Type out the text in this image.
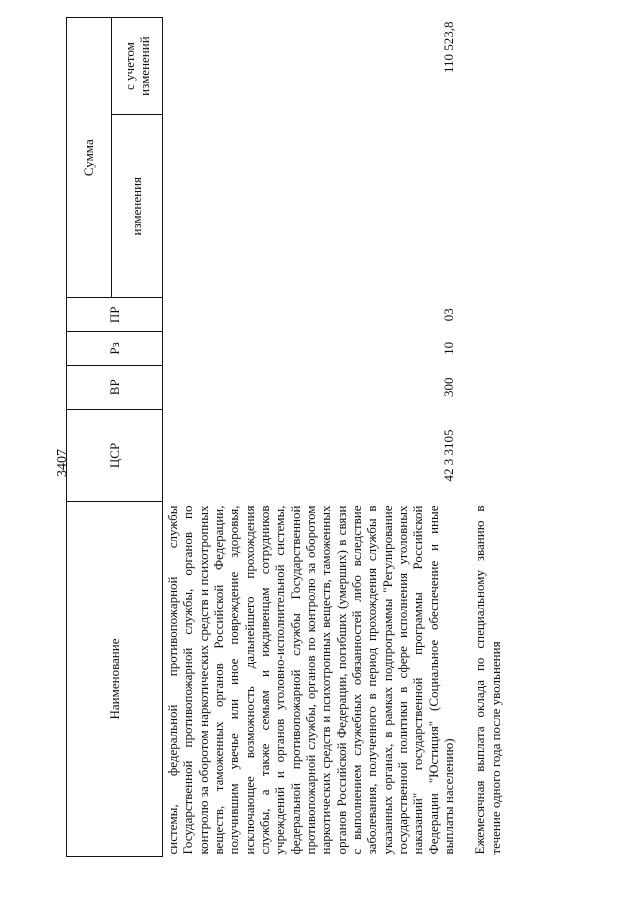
3407
Наименование	ЦСР	ВР	Рз	ПР	Сумма	
					изменения	с учетом изменений
системы, федеральной противопожарной службы Государственной противопожарной службы, органов по контролю за оборотом наркотических средств и психотропных веществ, таможенных органов Российской Федерации, получившим увечье или иное повреждение здоровья, исключающее возможность дальнейшего прохождения службы, а также семьям и иждивенцам сотрудников учреждений и органов уголовно-исполнительной системы, федеральной противопожарной службы Государственной противопожарной службы, органов по контролю за оборотом наркотических средств и психотропных веществ, таможенных органов Российской Федерации, погибших (умерших) в связи с выполнением служебных обязанностей либо вследствие заболевания, полученного в период прохождения службы в указанных органах, в рамках подпрограммы "Регулирование государственной политики в сфере исполнения уголовных наказаний" государственной программы Российской Федерации "Юстиция" (Социальное обеспечение и иные выплаты населению)	42 3 3105	300	10	03		110 523,8

Ежемесячная выплата оклада по специальному званию в течение одного года после увольнения						
